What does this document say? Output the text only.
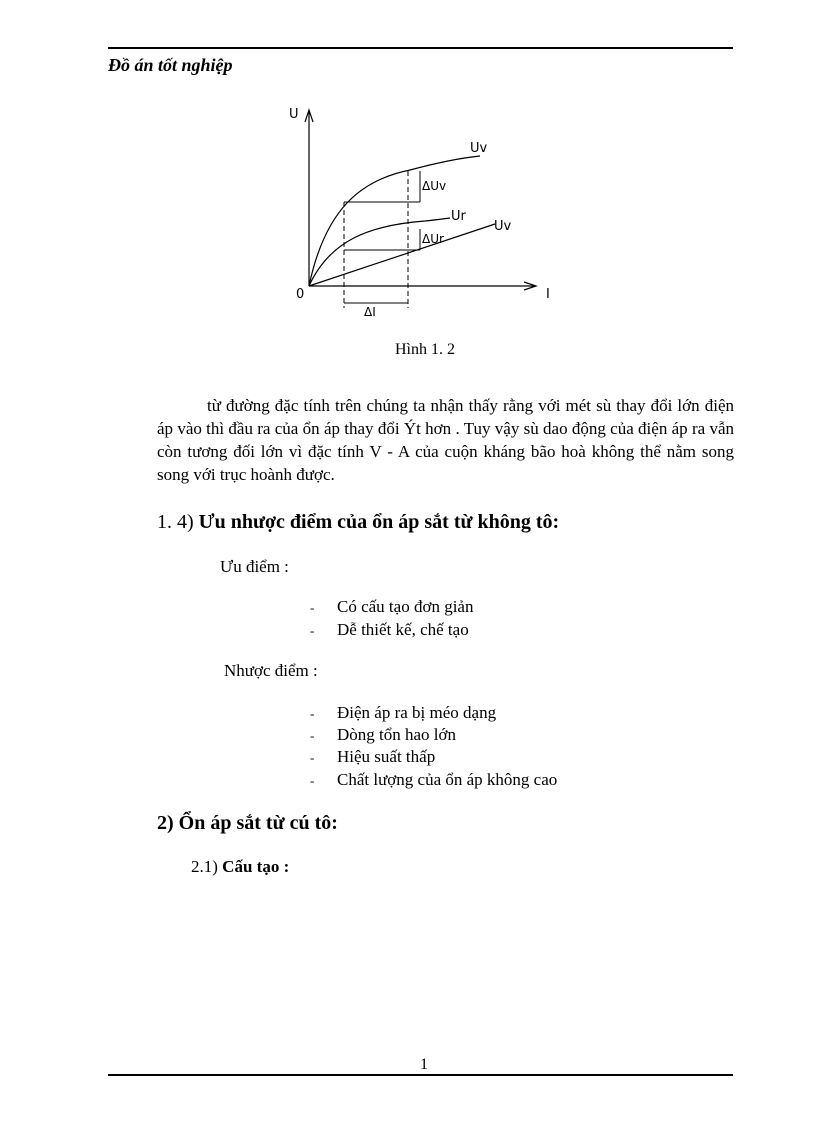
Đồ án tốt nghiệp
U
Uv
ΔUv
Ur
Uv
ΔUr
0	I
ΔI
Hình 1. 2

từ đường đặc tính trên chúng ta nhận thấy rằng với mét sù thay đổi lớn điện áp vào thì đầu ra của ổn áp thay đổi Ýt hơn . Tuy vậy sù dao động của điện áp ra vẫn còn tương đối lớn vì đặc tính V - A của cuộn kháng bão hoà không thể nằm song song với trục hoành được.

1. 4) Ưu nhược điểm của ổn áp sắt từ không tô:
Ưu điểm :
- Có cấu tạo đơn giản
- Dễ thiết kế, chế tạo
Nhược điểm :
- Điện áp ra bị méo dạng
- Dòng tổn hao lớn
- Hiệu suất thấp
- Chất lượng của ổn áp không cao
2) Ổn áp sắt từ cú tô:
2.1) Cấu tạo :
1
